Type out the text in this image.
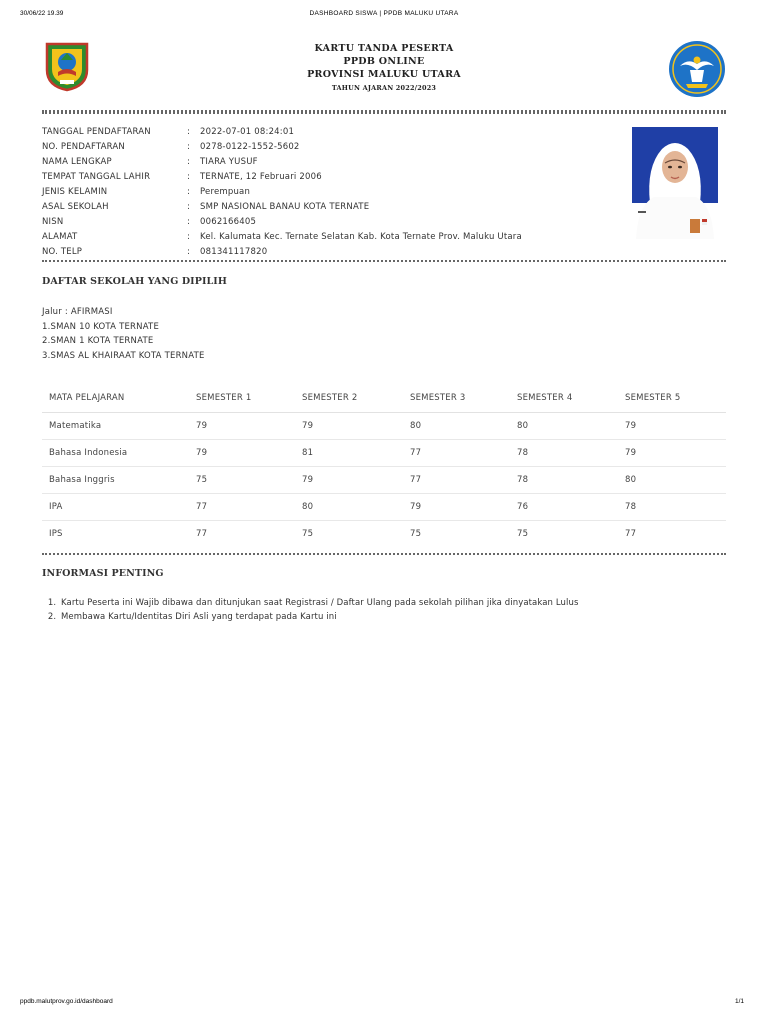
30/06/22 19.39	DASHBOARD SISWA | PPDB MALUKU UTARA
KARTU TANDA PESERTA
PPDB ONLINE
PROVINSI MALUKU UTARA
TAHUN AJARAN 2022/2023
TANGGAL PENDAFTARAN	:	2022-07-01 08:24:01
NO. PENDAFTARAN	:	0278-0122-1552-5602
NAMA LENGKAP	:	TIARA YUSUF
TEMPAT TANGGAL LAHIR	:	TERNATE, 12 Februari 2006
JENIS KELAMIN	:	Perempuan
ASAL SEKOLAH	:	SMP NASIONAL BANAU KOTA TERNATE
NISN	:	0062166405
ALAMAT	:	Kel. Kalumata Kec. Ternate Selatan Kab. Kota Ternate Prov. Maluku Utara
NO. TELP	:	081341117820
DAFTAR SEKOLAH YANG DIPILIH
Jalur : AFIRMASI
1.SMAN 10 KOTA TERNATE
2.SMAN 1 KOTA TERNATE
3.SMAS AL KHAIRAAT KOTA TERNATE
MATA PELAJARAN	SEMESTER 1	SEMESTER 2	SEMESTER 3	SEMESTER 4	SEMESTER 5
Matematika	79	79	80	80	79
Bahasa Indonesia	79	81	77	78	79
Bahasa Inggris	75	79	77	78	80
IPA	77	80	79	76	78
IPS	77	75	75	75	77
INFORMASI PENTING
1. Kartu Peserta ini Wajib dibawa dan ditunjukan saat Registrasi / Daftar Ulang pada sekolah pilihan jika dinyatakan Lulus
2. Membawa Kartu/Identitas Diri Asli yang terdapat pada Kartu ini
ppdb.malutprov.go.id/dashboard	1/1
